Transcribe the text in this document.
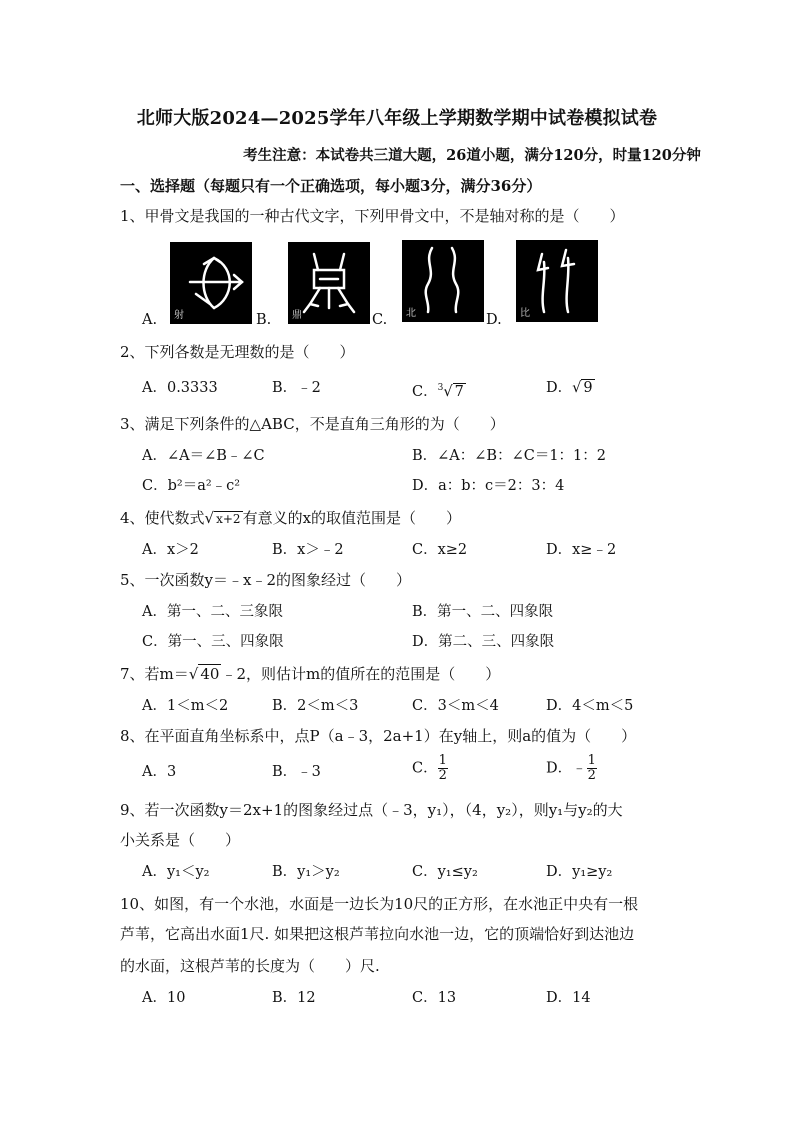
北师大版2024—2025学年八年级上学期数学期中试卷模拟试卷
考生注意：本试卷共三道大题，26道小题，满分120分，时量120分钟
一、选择题（每题只有一个正确选项，每小题3分，满分36分）
1、甲骨文是我国的一种古代文字，下列甲骨文中，不是轴对称的是（　　）
射	鼎	北	比
A.	B.	C.	D.
2、下列各数是无理数的是（　　）
A．0.3333	B．﹣2	C．$^3$√ 7	D．√ 9
3、满足下列条件的△ABC，不是直角三角形的为（　　）
A．∠A＝∠B﹣∠C	B．∠A：∠B：∠C＝1：1：2
C．b²＝a²﹣c²	D．a：b：c＝2：3：4
4、使代数式√ x+2 有意义的x的取值范围是（　　）
A．x＞2	B．x＞﹣2	C．x≥2	D．x≥﹣2
5、一次函数y＝﹣x﹣2的图象经过（　　）
A．第一、二、三象限	B．第一、二、四象限
C．第一、三、四象限	D．第二、三、四象限
7、若m＝√ 40 ﹣2，则估计m的值所在的范围是（　　）
A．1＜m＜2	B．2＜m＜3	C．3＜m＜4	D．4＜m＜5
8、在平面直角坐标系中，点P（a﹣3，2a+1）在y轴上，则a的值为（　　）
A．3	B．﹣3	C． $\frac{1}{2}$	D．﹣ $\frac{1}{2}$
9、若一次函数y＝2x+1的图象经过点（﹣3，y₁），（4，y₂），则y₁与y₂的大
小关系是（　　）
A．y₁＜y₂	B．y₁＞y₂	C．y₁≤y₂	D．y₁≥y₂
10、如图，有一个水池，水面是一边长为10尺的正方形，在水池正中央有一根
芦苇，它高出水面1尺. 如果把这根芦苇拉向水池一边，它的顶端恰好到达池边
的水面，这根芦苇的长度为（　　）尺.
A．10	B．12	C．13	D．14
